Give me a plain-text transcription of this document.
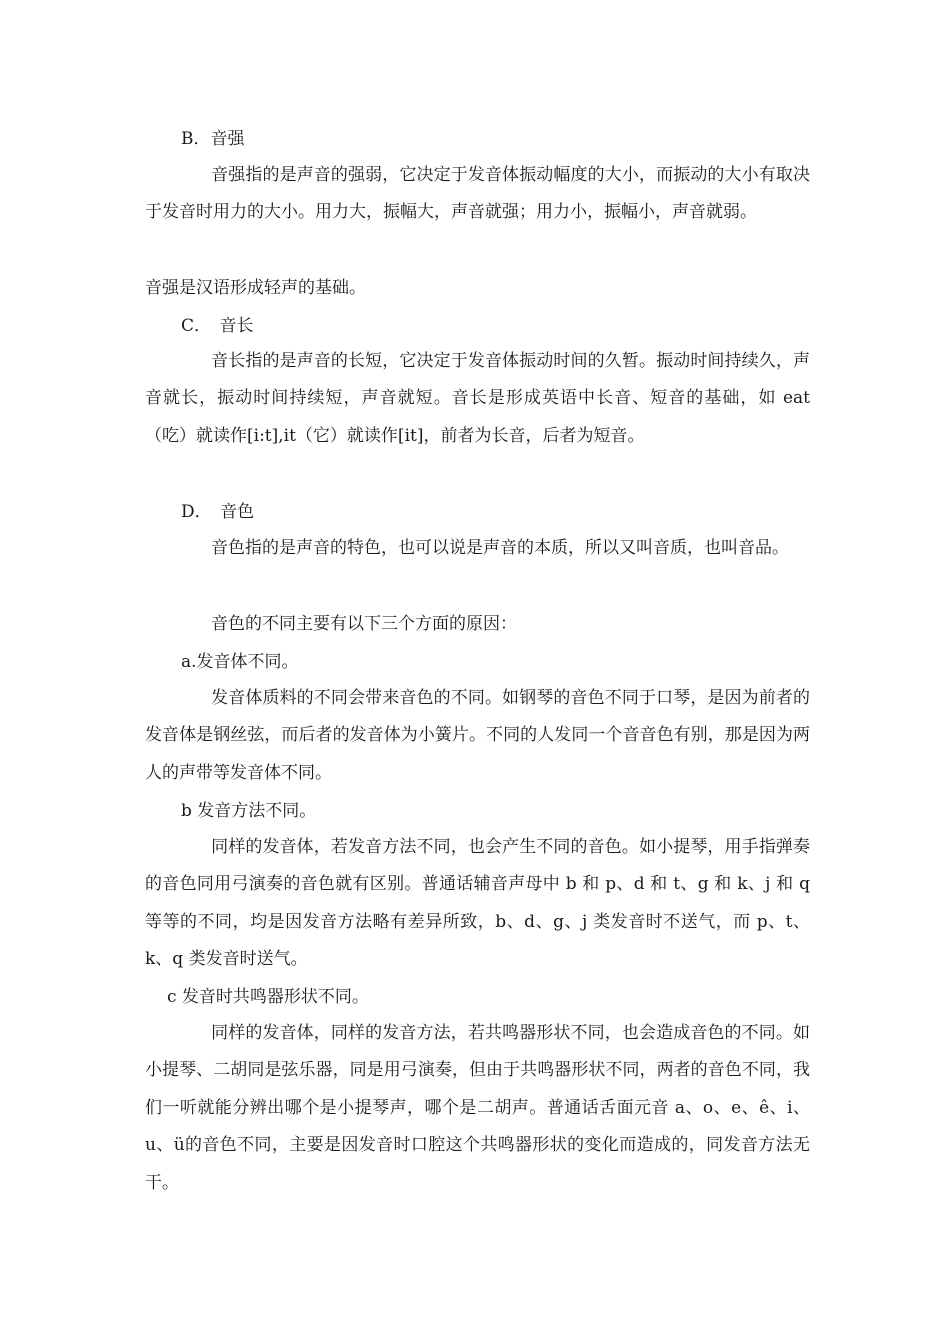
B．音强
音强指的是声音的强弱，它决定于发音体振动幅度的大小，而振动的大小有取决于发音时用力的大小。用力大，振幅大，声音就强；用力小，振幅小，声音就弱。
音强是汉语形成轻声的基础。
C．　音长
音长指的是声音的长短，它决定于发音体振动时间的久暂。振动时间持续久，声音就长，振动时间持续短，声音就短。音长是形成英语中长音、短音的基础，如 eat（吃）就读作[i:t],it（它）就读作[it]，前者为长音，后者为短音。
D．　音色
音色指的是声音的特色，也可以说是声音的本质，所以又叫音质，也叫音品。
音色的不同主要有以下三个方面的原因：
a.发音体不同。
发音体质料的不同会带来音色的不同。如钢琴的音色不同于口琴，是因为前者的发音体是钢丝弦，而后者的发音体为小簧片。不同的人发同一个音音色有别，那是因为两人的声带等发音体不同。
b 发音方法不同。
同样的发音体，若发音方法不同，也会产生不同的音色。如小提琴，用手指弹奏的音色同用弓演奏的音色就有区别。普通话辅音声母中 b 和 p、d 和 t、g 和 k、j 和 q 等等的不同，均是因发音方法略有差异所致，b、d、g、j 类发音时不送气，而 p、t、k、q 类发音时送气。
c 发音时共鸣器形状不同。
同样的发音体，同样的发音方法，若共鸣器形状不同，也会造成音色的不同。如小提琴、二胡同是弦乐器，同是用弓演奏，但由于共鸣器形状不同，两者的音色不同，我们一听就能分辨出哪个是小提琴声，哪个是二胡声。普通话舌面元音 a、o、e、ê、i、u、ü的音色不同，主要是因发音时口腔这个共鸣器形状的变化而造成的，同发音方法无干。
